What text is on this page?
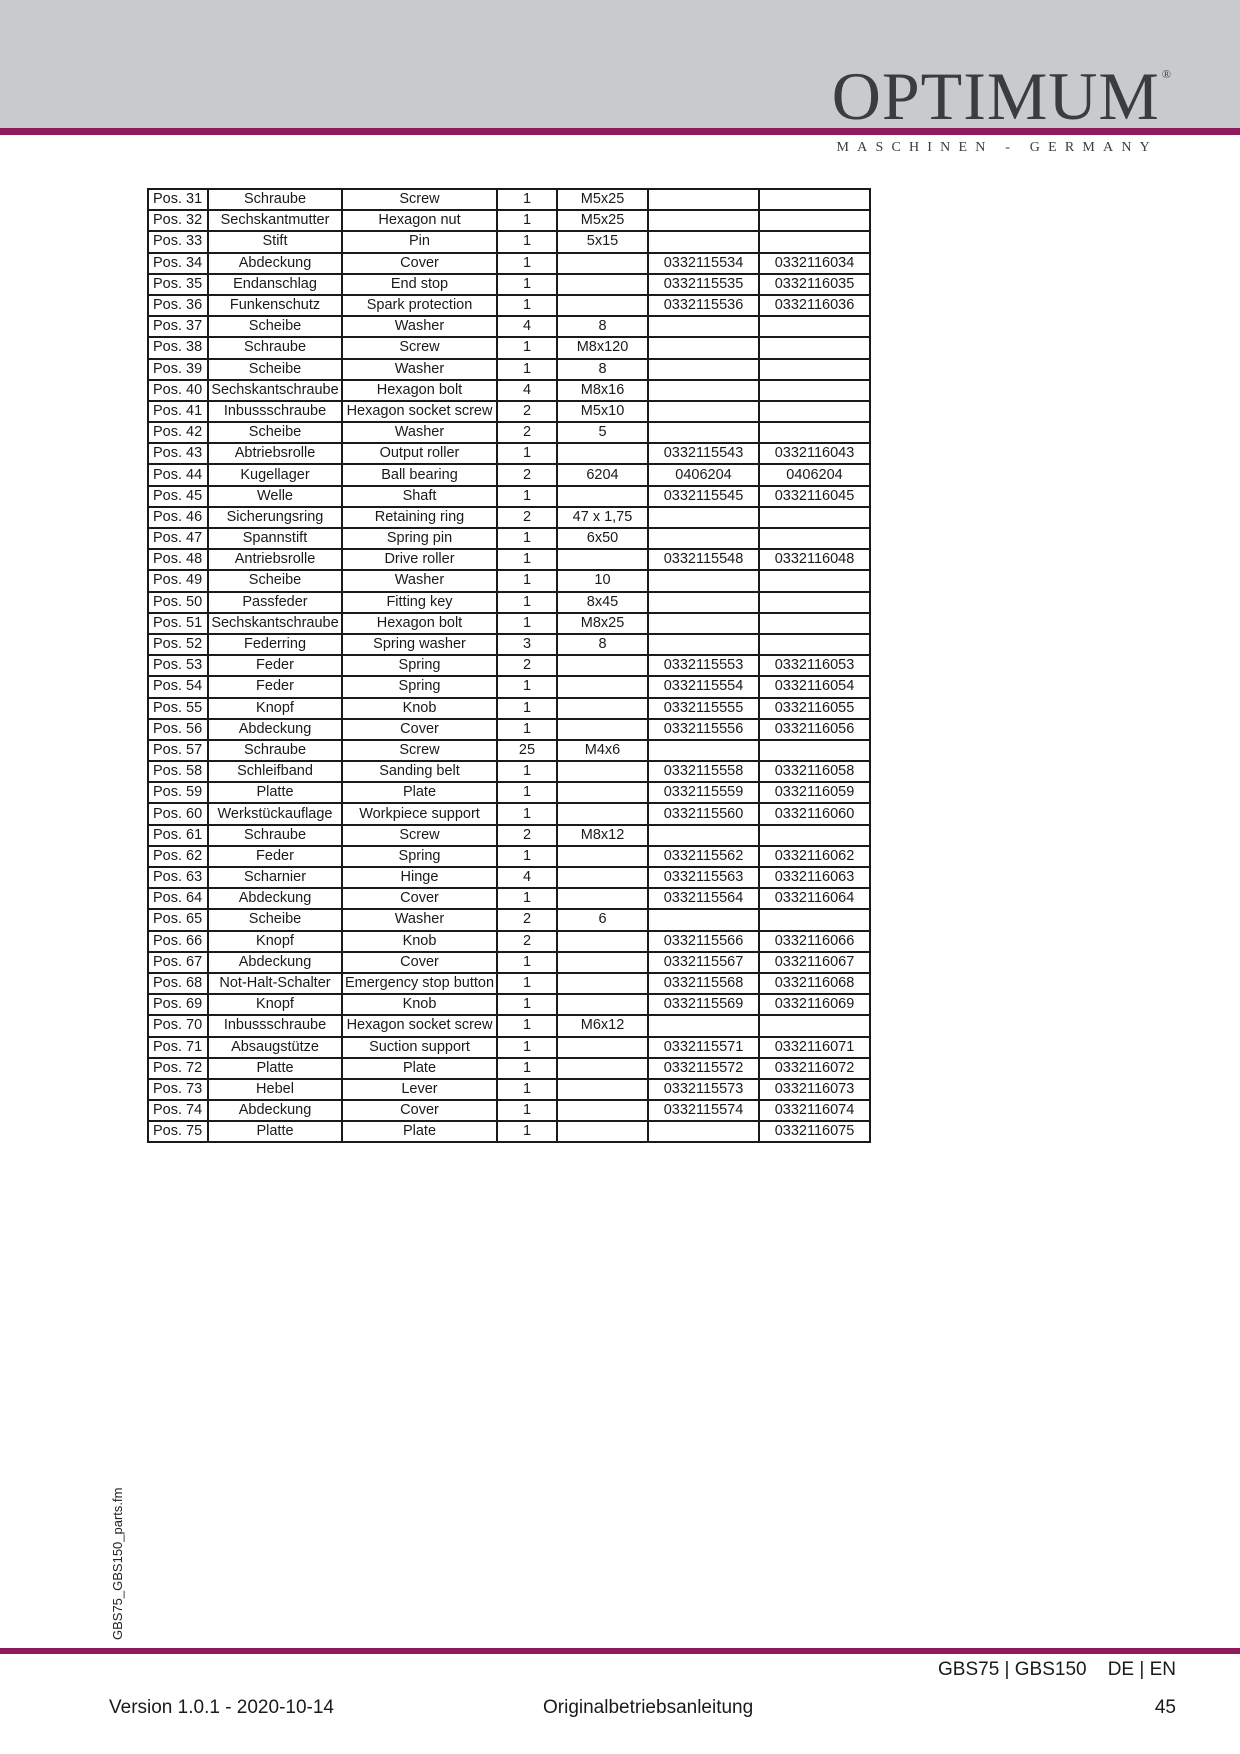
OPTIMUM ®
MASCHINEN - GERMANY
Pos. 31	Schraube	Screw	1	M5x25		
Pos. 32	Sechskantmutter	Hexagon nut	1	M5x25		
Pos. 33	Stift	Pin	1	5x15		
Pos. 34	Abdeckung	Cover	1		0332115534	0332116034
Pos. 35	Endanschlag	End stop	1		0332115535	0332116035
Pos. 36	Funkenschutz	Spark protection	1		0332115536	0332116036
Pos. 37	Scheibe	Washer	4	8		
Pos. 38	Schraube	Screw	1	M8x120		
Pos. 39	Scheibe	Washer	1	8		
Pos. 40	Sechskantschraube	Hexagon bolt	4	M8x16		
Pos. 41	Inbussschraube	Hexagon socket screw	2	M5x10		
Pos. 42	Scheibe	Washer	2	5		
Pos. 43	Abtriebsrolle	Output roller	1		0332115543	0332116043
Pos. 44	Kugellager	Ball bearing	2	6204	0406204	0406204
Pos. 45	Welle	Shaft	1		0332115545	0332116045
Pos. 46	Sicherungsring	Retaining ring	2	47 x 1,75		
Pos. 47	Spannstift	Spring pin	1	6x50		
Pos. 48	Antriebsrolle	Drive roller	1		0332115548	0332116048
Pos. 49	Scheibe	Washer	1	10		
Pos. 50	Passfeder	Fitting key	1	8x45		
Pos. 51	Sechskantschraube	Hexagon bolt	1	M8x25		
Pos. 52	Federring	Spring washer	3	8		
Pos. 53	Feder	Spring	2		0332115553	0332116053
Pos. 54	Feder	Spring	1		0332115554	0332116054
Pos. 55	Knopf	Knob	1		0332115555	0332116055
Pos. 56	Abdeckung	Cover	1		0332115556	0332116056
Pos. 57	Schraube	Screw	25	M4x6		
Pos. 58	Schleifband	Sanding belt	1		0332115558	0332116058
Pos. 59	Platte	Plate	1		0332115559	0332116059
Pos. 60	Werkstückauflage	Workpiece support	1		0332115560	0332116060
Pos. 61	Schraube	Screw	2	M8x12		
Pos. 62	Feder	Spring	1		0332115562	0332116062
Pos. 63	Scharnier	Hinge	4		0332115563	0332116063
Pos. 64	Abdeckung	Cover	1		0332115564	0332116064
Pos. 65	Scheibe	Washer	2	6		
Pos. 66	Knopf	Knob	2		0332115566	0332116066
Pos. 67	Abdeckung	Cover	1		0332115567	0332116067
Pos. 68	Not-Halt-Schalter	Emergency stop button	1		0332115568	0332116068
Pos. 69	Knopf	Knob	1		0332115569	0332116069
Pos. 70	Inbussschraube	Hexagon socket screw	1	M6x12		
Pos. 71	Absaugstütze	Suction support	1		0332115571	0332116071
Pos. 72	Platte	Plate	1		0332115572	0332116072
Pos. 73	Hebel	Lever	1		0332115573	0332116073
Pos. 74	Abdeckung	Cover	1		0332115574	0332116074
Pos. 75	Platte	Plate	1			0332116075
GBS75_GBS150_parts.fm
GBS75 | GBS150    DE | EN
Version 1.0.1 - 2020-10-14	Originalbetriebsanleitung	45
